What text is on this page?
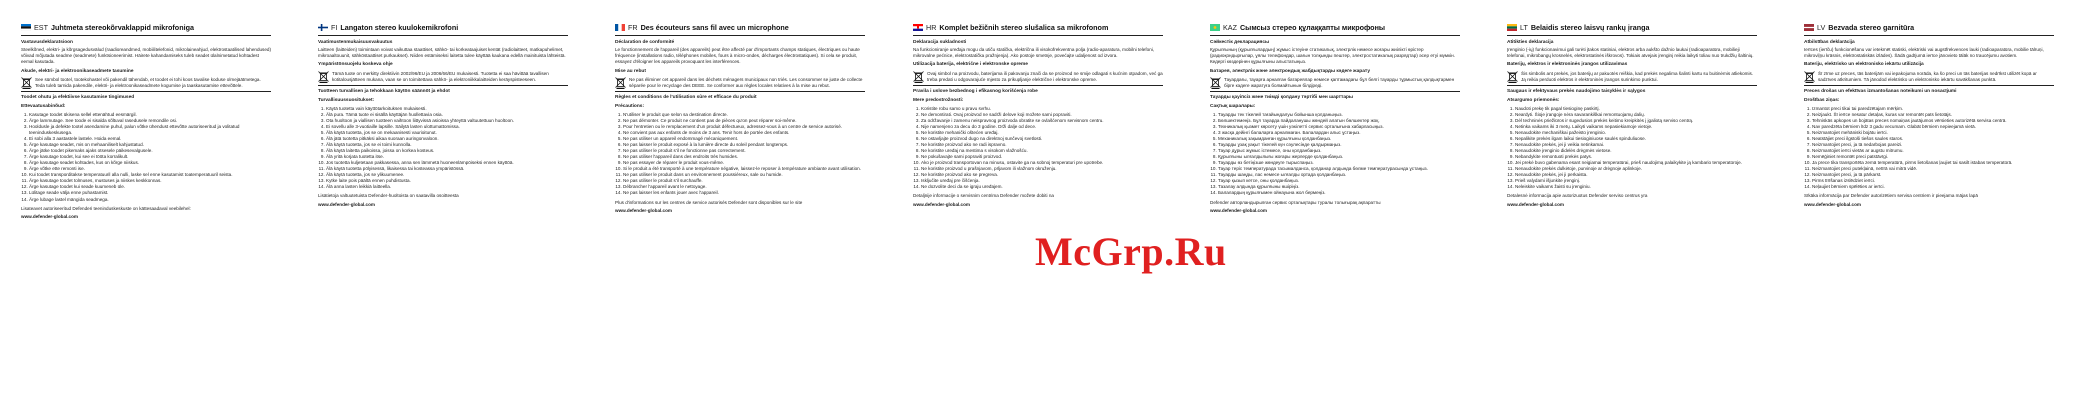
McGrp.Ru
EST Juhtmeta stereokõrvaklappid mikrofoniga
Vastavusdeklaratsioon

Steelkõned, elektri- ja kõrgsagedusvälud (raadioreandmed, mobiilitelefonid, mikrolaineahjud, elektrostaatilised lahendused) võivad mõjutada seadme (seadmete) funktsioneerimist. Häirete kahandamiseks tuleb seadet ülalnimetatud kohtadest eemal kasutada.

Akude, elektri- ja elektroonikaseadmete tasumine
See sümbol tootel, tootekohastel või pakendil tähendab, et toodet ei tohi koos tavalise koduse olmejäätmetega. Teda tuleb tarnida pakendile, elektri- ja elektroonikaseadmete kogumise ja taaskasutamise ettevõttele.
Toodet ohutu ja efektiivse kasutamise tingimused
Ettevaatusabinõud:
1. Kasutage toodet ükisena sellel ettenähtud eesmärgil.
2. Ärge lammutage. See toode ei sisalda sõltuval rasedusele remondile osi.
3. Hooldusle ja defekte tootel asendamine puhul, palun võtke ühendust ettevõtte autoriseeritud ja volitatud teeninduskeskusega.
4. Ei sobi alla 3 aastastele lastele. Hoida eemal.
5. Ärge kasutage seadet, mis on mehaaniliselt kahjustatud.
6. Ärge jätke toodet pikemaks ajaks otsesele päikesevalgusele.
7. Ärge kasutage toodet, kui see ei tööta korralikult.
8. Ärge kasutage seadet kohtades, kus on kõrge niiskus.
9. Ärge võtke ette remonti ise.
10. Kui toodet transporditakse temperatuuril alla nulli, laske sel enne kasutamist toatemperatuuril seista.
11. Ärge kasutage toodet tolmuses, mustuses ja niiskes keskkonnas.
12. Ärge kasutage toodet kui seade kuumeneb üle.
13. Lülitage seade välja enne puhastamist.
14. Ärge lubage lastel mängida seadmega.

Lisateavet autoriseeritud Defenderi teeninduskeskuste on kättesaadaval veebilehel:

www.defender-global.com

FI Langaton stereo kuulokemikrofoni
Vaatimustenmukaisuusvakuutus

Laitteen (laitteiden) toimintaan voivat vaikuttaa staattiset, sähkö- tai korkeataajuiset kentät (radiolaitteet, matkapuhelimet, mikroaaltouunit, sähköstaattiset purkaukset). Niiden estämiseksi laitetta tulee käyttää kaukana edellä mainituista lähteistä.

Ympäristönsuojelu koskeva ohje
Tämä tuote on merkitty direktiivin 2002/96/EU ja 2006/66/EU mukaisesti. Tuotetta ei saa hävittää tavallisen kotitalousjätteen mukana, vaan se on toimitettava sähkö- ja elektroniikkalaitteiden keräyspisteeseen.
Tuotteen turvallisen ja tehokkaan käytön säännöt ja ehdot
Turvallisuussuositukset:
1. Käytä tuotetta vain käyttötarkoituksen mukaisesti.
2. Älä pura. Tämä tuote ei sisällä käyttäjän huollettavia osia.
3. Ota huoltoon ja viallisen tuotteen vaihtoon liittyvissä asioissa yhteyttä valtuutettuun huoltoon.
4. Ei sovellu alle 3-vuotiaille lapsille. Säilytä lasten ulottumattomissa.
5. Älä käytä tuotetta, jos se on mekaanisesti vaurioitunut.
6. Älä jätä tuotetta pitkäksi aikaa suoraan auringonvaloon.
7. Älä käytä tuotetta, jos se ei toimi kunnolla.
8. Älä käytä laitetta paikoissa, joissa on korkea kosteus.
9. Älä yritä korjata tuotetta itse.
10. Jos tuotetta kuljetetaan pakkasessa, anna sen lämmetä huoneenlämpöiseksi ennen käyttöä.
11. Älä käytä tuotetta pölyisessä, likaisessa tai kosteassa ympäristössä.
12. Älä käytä tuotetta, jos se ylikuumenee.
13. Kytke laite pois päältä ennen puhdistusta.
14. Älä anna lasten leikkiä laitteella.

Lisätietoja valtuutetuista Defender-huoltoista on saatavilla osoitteesta

www.defender-global.com

FR Des écouteurs sans fil avec un microphone
Déclaration de conformité

Le fonctionnement de l'appareil (des appareils) peut être affecté par d'importants champs statiques, électriques ou haute fréquence (installations radio, téléphones mobiles, fours à micro-ondes, décharges électrostatiques). Si cela se produit, essayez d'éloigner les appareils provoquant les interférences.

Mise au rebut
Ne pas éliminer cet appareil dans les déchets ménagers municipaux non triés. Les consommer se juste de collecte séparée pour le recyclage des DEEE. Se conformer aux règles locales relatives à la mise au rebut.
Règles et conditions de l'utilisation sûre et efficace du produit
Précautions:
1. N'utiliser le produit que selon sa destination directe.
2. Ne pas démonter. Ce produit ne contient pas de pièces qu'on peut réparer soi-même.
3. Pour l'entretien ou le remplacement d'un produit défectueux, adressez-vous à un centre de service autorisé.
4. Ne convient pas aux enfants de moins de 3 ans. Tenir hors de portée des enfants.
5. Ne pas utiliser un appareil endommagé mécaniquement.
6. Ne pas laisser le produit exposé à la lumière directe du soleil pendant longtemps.
7. Ne pas utiliser le produit s'il ne fonctionne pas correctement.
8. Ne pas utiliser l'appareil dans des endroits très humides.
9. Ne pas essayer de réparer le produit vous-même.
10. Si le produit a été transporté à une température négative, laissez-le reposer à température ambiante avant utilisation.
11. Ne pas utiliser le produit dans un environnement poussiéreux, sale ou humide.
12. Ne pas utiliser le produit s'il surchauffe.
13. Débrancher l'appareil avant le nettoyage.
14. Ne pas laisser les enfants jouer avec l'appareil.

Plus d'informations sur les centres de service autorisés Defender sont disponibles sur le site

www.defender-global.com

HR Komplet bežičnih stereo slušalica sa mikrofonom
Deklaracija sukladnosti

Na funkcioniranje uređaja mogu da utiču statička, električna ili visokofrekventna polja (radio-aparatura, mobilni telefoni, mikrovalne pećnice, elektrostatička pražnjenja). Ako postoje smetnje, povećajte udaljenost od izvora.

Utilizacija baterija, električne i elektronske opreme
Ovaj simbol na proizvodu, baterijama ili pakovanju znači da se proizvod ne smije odlagati s kućnim otpadom, već ga treba predati u odgovarajuće mjesto za prikupljanje električne i elektronske opreme.
Pravila i uslove bezbednog i efikasnog korišćenja robe
Mere predostrožnosti:
1. Koristite robu samo u pravu svrhu.
2. Ne demontirati. Ovaj proizvod ne sadrži delove koji možete sami popraviti.
3. Za održavanje i zamenu neispravnog proizvoda obratite se ovlašćenom servisnom centru.
4. Nije namenjeno za decu do 3 godine. Drži dalje od dece.
5. Ne koristite mehanički oštećen uređaj.
6. Ne ostavljajte proizvod dugo na direktnoj sunčevoj svetlosti.
7. Ne koristite proizvod ako ne radi ispravno.
8. Ne koristite uređaj na mestima s visokom vlažnošću.
9. Ne pokušavajte sami popraviti proizvod.
10. Ako je proizvod transportovan na minusu, ostavite ga na sobnoj temperaturi pre upotrebe.
11. Ne koristite proizvod u prašnjavom, prljavom ili vlažnom okruženju.
12. Ne koristite proizvod ako se pregreva.
13. Isključite uređaj pre čišćenja.
14. Ne dozvolite deci da se igraju uređajem.

Detaljnije informacije o servisnim centrima Defender možete dobiti na

www.defender-global.com

KAZ Сымсыз стерео құлаққапты микрофоны
Сәйкестік декларациясы

Құрылғының (құрылғылардың) жұмыс істеуіне статикалық, электрлік немесе жоғары жиілікті өрістер (радиоқондырғылар, ұялы телефондар, шағын толқынды пештер, электростатикалық разрядтар) әсер етуі мүмкін. Кедергі көздерінен құрылғыны алыстатыңыз.

Батарея, электрлік және электрондық жабдықтарды кәдеге жарату
Тауардағы, тауарға арналған батареялар немесе қаптамадағы бұл белгі тауарды тұрмыстық қалдықтармен бірге кәдеге жаратуға болмайтынын білдіреді.
Тауарды қауіпсіз және тиімді қолдану тәртібі мен шарттары
Сақтық шаралары:
1. Тауарды тек тікелей тағайындалуы бойынша қолданыңыз.
2. Бөлшектемеңіз. Бұл тауарда пайдаланушы жөндей алатын бөлшектер жоқ.
3. Техникалық қызмет көрсету үшін уәкілетті сервис орталығына хабарласыңыз.
4. 3 жасқа дейінгі балаларға арналмаған. Балалардан алыс ұстаңыз.
5. Механикалық зақымданған құрылғыны қолданбаңыз.
6. Тауарды ұзақ уақыт тікелей күн сәулесінде қалдырмаңыз.
7. Тауар дұрыс жұмыс істемесе, оны қолданбаңыз.
8. Құрылғыны ылғалдылығы жоғары жерлерде қолданбаңыз.
9. Тауарды өз бетіңізше жөндеуге тырыспаңыз.
10. Тауар теріс температурада тасымалданса, қолданар алдында бөлме температурасында ұстаңыз.
11. Тауарды шаңды, лас немесе ылғалды ортада қолданбаңыз.
12. Тауар қызып кетсе, оны қолданбаңыз.
13. Тазалау алдында құрылғыны өшіріңіз.
14. Балалардың құрылғымен ойнауына жол бермеңіз.

Defender авторландырылған сервис орталықтары туралы толығырақ ақпаратты

www.defender-global.com

LT Belaidis stereo laisvų rankų įranga
Atitikties deklaracija

Įrenginio (-ių) funkcionavimui gali turėti įtakos statiniai, elektros arba aukšto dažnio laukai (radioaparatūra, mobilieji telefonai, mikrobangų krosnelės, elektrostatinės iškrovos). Tokiais atvejais įrenginį reikia laikyti toliau nuo trukdžių šaltinių.

Baterijų, elektros ir elektroninės įrangos utilizavimas
Šis simbolis ant prekės, jos baterijų ar pakuotės reiškia, kad prekės negalima šalinti kartu su buitinėmis atliekomis. Ją reikia perduoti elektros ir elektroninės įrangos surinkimo punktui.
Saugaus ir efektyvaus prekės naudojimo taisyklės ir sąlygos
Atsargumo priemonės:
1. Naudoti prekę tik pagal tiesioginę paskirtį.
2. Neardyti. Šioje įrangoje nėra savarankiškai remontuojamų dalių.
3. Dėl techninės priežiūros ir sugedusios prekės keitimo kreipkitės į įgaliotą serviso centrą.
4. Netinka vaikams iki 3 metų. Laikyti vaikams nepasiekiamoje vietoje.
5. Nenaudokite mechaniškai pažeisto įrenginio.
6. Nepalikite prekės ilgam laikui tiesioginiuose saulės spinduliuose.
7. Nenaudokite prekės, jei ji veikia netinkamai.
8. Nenaudokite įrenginio didelės drėgmės vietose.
9. Nebandykite remontuoti prekės patys.
10. Jei prekė buvo gabenama esant neigiamai temperatūrai, prieš naudojimą palaikykite ją kambario temperatūroje.
11. Nenaudokite prekės dulkėtoje, purvinoje ar drėgnoje aplinkoje.
12. Nenaudokite prekės, jei ji perkaista.
13. Prieš valydami išjunkite įrenginį.
14. Neleiskite vaikams žaisti su įrenginiu.

Detalesnė informacija apie autorizuotus Defender serviso centrus yra

www.defender-global.com

LV Bezvada stereo garnitūra
Atbilstības deklarācija

Ierīces (ierīču) funkcionēšanu var ietekmēt statiski, elektriski vai augstfrekvences lauki (radioaparatūra, mobilie tālruņi, mikroviļņu krāsnis, elektrostatiskās izlādes). Šādā gadījumā ierīce jānovieto tālāk no traucējumu avotiem.

Bateriju, elektrisko un elektronisko iekārtu utilizācija
Šī zīme uz preces, tās baterijām vai iepakojuma norāda, ka šo preci un tās baterijas nedrīkst utilizēt kopā ar sadzīves atkritumiem. Tā jānodod elektrisko un elektronisko iekārtu savākšanas punktā.
Preces drošas un efektīvas izmantošanas noteikumi un nosacījumi
Drošības ziņas:
1. Izmantot preci tikai tai paredzētajam mērķim.
2. Neizjaukt. Šī ierīce nesatur detaļas, kuras var remontēt pats lietotājs.
3. Tehniskās apkopes un bojātas preces nomaiņas jautājumos vērsieties autorizētā servisa centrā.
4. Nav paredzēta bērniem līdz 3 gadu vecumam. Glabāt bērniem nepieejamā vietā.
5. Neizmantojiet mehāniski bojātu ierīci.
6. Neatstājiet preci ilgstoši tiešos saules staros.
7. Neizmantojiet preci, ja tā nedarbojas pareizi.
8. Neizmantojiet ierīci vietās ar augstu mitrumu.
9. Nemēģiniet remontēt preci patstāvīgi.
10. Ja prece tika transportēta zemā temperatūrā, pirms lietošanas ļaujiet tai sasilt istabas temperatūrā.
11. Neizmantojiet preci putekļainā, netīrā vai mitrā vidē.
12. Neizmantojiet preci, ja tā pārkarst.
13. Pirms tīrīšanas izslēdziet ierīci.
14. Neļaujiet bērniem spēlēties ar ierīci.

Sīkāka informācija par Defender autorizētiem servisa centriem ir pieejama mājas lapā

www.defender-global.com
